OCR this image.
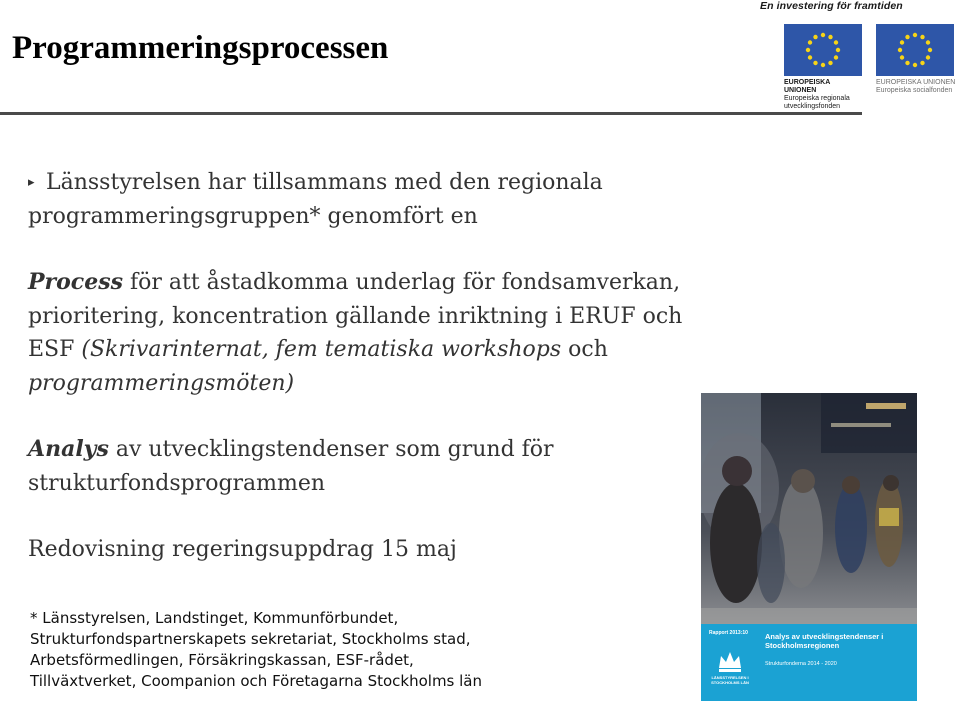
Programmeringsprocessen
En investering för framtiden
EUROPEISKA UNIONEN
Europeiska regionala
utvecklingsfonden
EUROPEISKA UNIONEN
Europeiska socialfonden
▸ Länsstyrelsen har tillsammans med den regionala programmeringsgruppen* genomfört en
Process för att åstadkomma underlag för fondsamverkan, prioritering, koncentration gällande inriktning i ERUF och ESF (Skrivarinternat, fem tematiska workshops och programmeringsmöten)
Analys av utvecklingstendenser som grund för strukturfondsprogrammen
Redovisning regeringsuppdrag 15 maj
* Länsstyrelsen, Landstinget, Kommunförbundet,
Strukturfondspartnerskapets sekretariat, Stockholms stad,
Arbetsförmedlingen, Försäkringskassan, ESF-rådet,
Tillväxtverket, Coompanion och Företagarna Stockholms län
Rapport 2013:10
LÄNSSTYRELSEN I STOCKHOLMS LÄN
Analys av utvecklingstendenser i Stockholmsregionen
Strukturfonderna 2014 - 2020
